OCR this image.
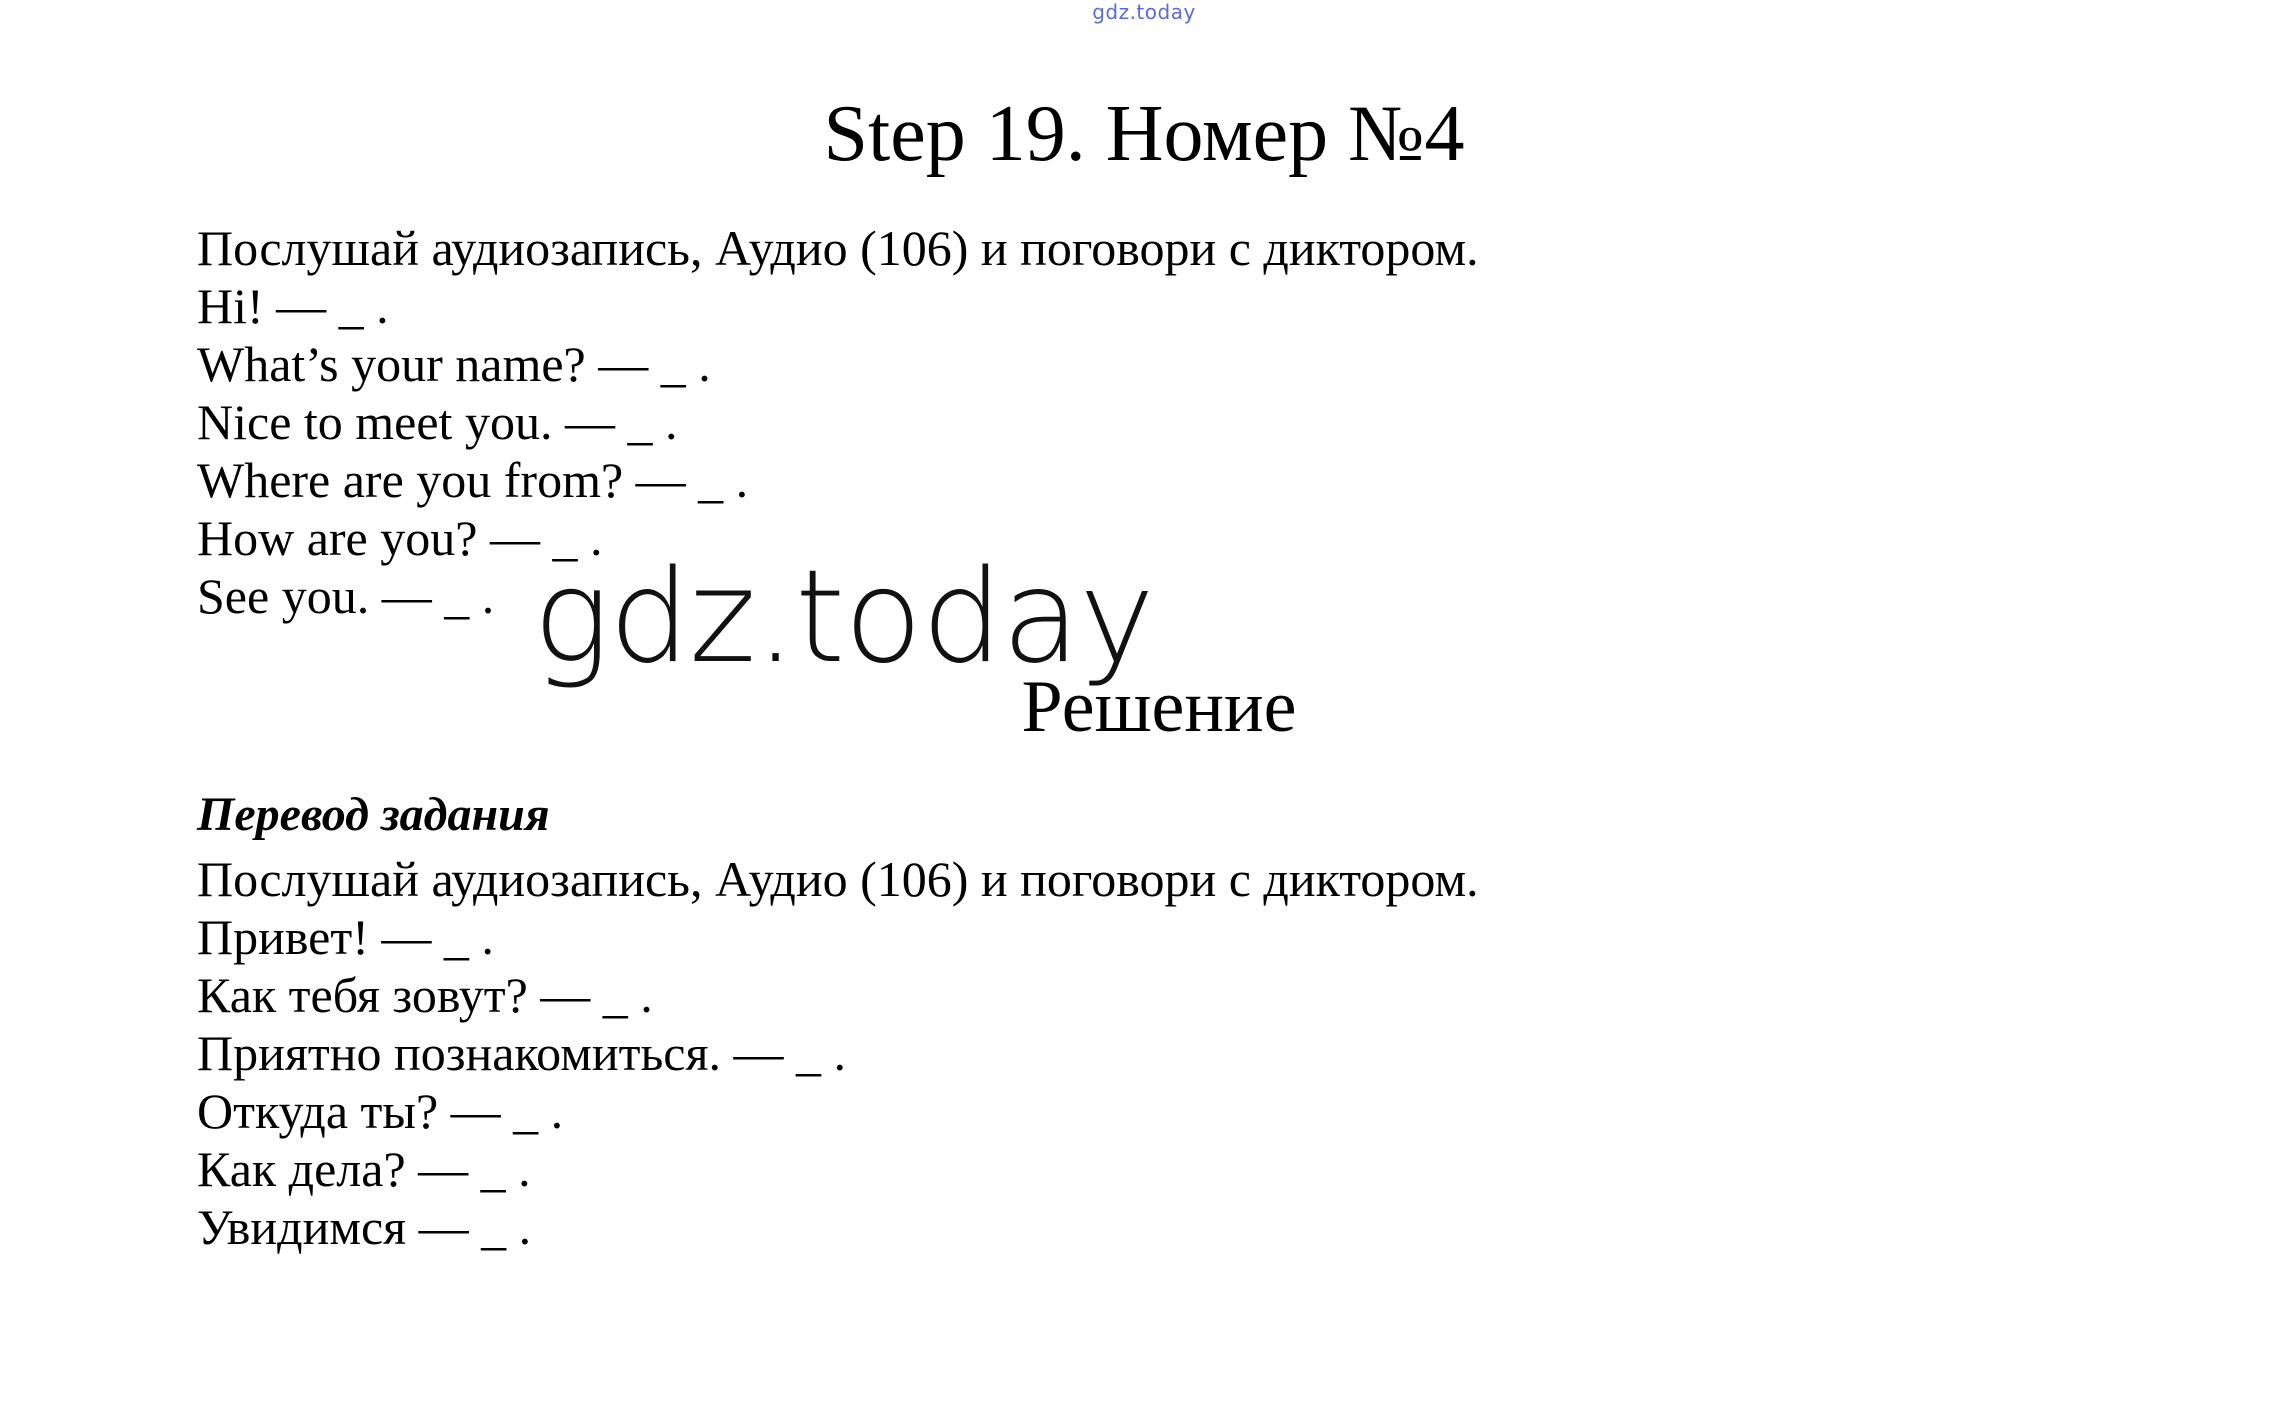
gdz.today
Step 19. Номер №4
Послушай аудиозапись, Аудио (106) и поговори с диктором.
Hi! — _ .
What’s your name? — _ .
Nice to meet you. — _ .
Where are you from? — _ .
How are you? — _ .
See you. — _ . gdz.today
Решение
Перевод задания
Послушай аудиозапись, Аудио (106) и поговори с диктором.
Привет! — _ .
Как тебя зовут? — _ .
Приятно познакомиться. — _ .
Откуда ты? — _ .
Как дела? — _ .
Увидимся — _ .
